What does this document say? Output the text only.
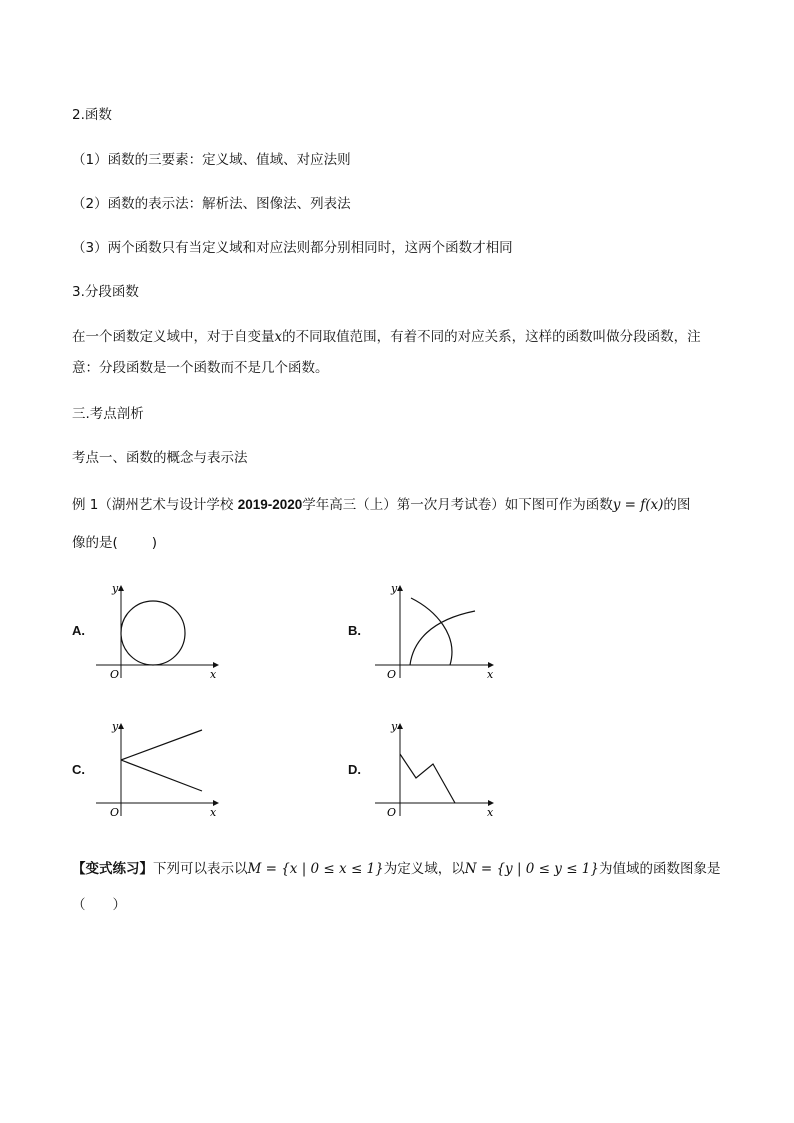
2.函数
（1）函数的三要素：定义域、值域、对应法则
（2）函数的表示法：解析法、图像法、列表法
（3）两个函数只有当定义域和对应法则都分别相同时，这两个函数才相同
3.分段函数
在一个函数定义域中，对于自变量x的不同取值范围，有着不同的对应关系，这样的函数叫做分段函数，注
意：分段函数是一个函数而不是几个函数。
三.考点剖析
考点一、函数的概念与表示法
例 1（湖州艺术与设计学校 2019-2020学年高三（上）第一次月考试卷）如下图可作为函数y = f(x)的图
像的是(	)
A.
y
x
O
B.
y
x
O
C.
y
x
O
D.
y
x
O
【变式练习】下列可以表示以M = {x | 0 ≤ x ≤ 1}为定义域，以N = {y | 0 ≤ y ≤ 1}为值域的函数图象是
（　　）
